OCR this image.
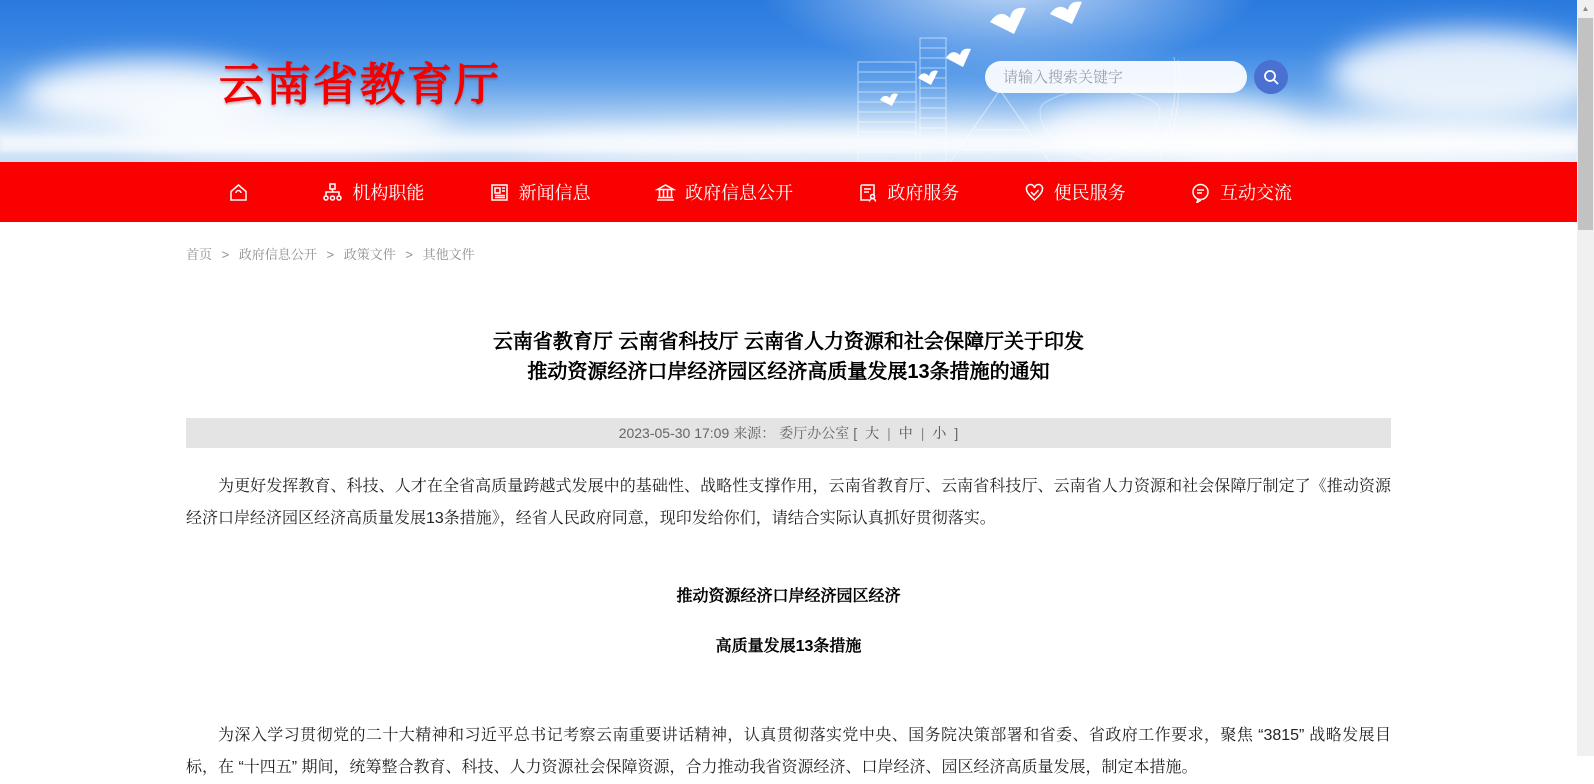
云南省教育厅
请输入搜索关键字
机构职能	新闻信息	政府信息公开	政府服务	便民服务	互动交流
首页 > 政府信息公开 > 政策文件 > 其他文件
云南省教育厅 云南省科技厅 云南省人力资源和社会保障厅关于印发
推动资源经济口岸经济园区经济高质量发展13条措施的通知
2023-05-30 17:09 来源： 委厅办公室 [ 大 | 中 | 小 ]

为更好发挥教育、科技、人才在全省高质量跨越式发展中的基础性、战略性支撑作用，云南省教育厅、云南省科技厅、云南省人力资源和社会保障厅制定了《推动资源经济口岸经济园区经济高质量发展13条措施》，经省人民政府同意，现印发给你们，请结合实际认真抓好贯彻落实。

推动资源经济口岸经济园区经济
高质量发展13条措施

为深入学习贯彻党的二十大精神和习近平总书记考察云南重要讲话精神，认真贯彻落实党中央、国务院决策部署和省委、省政府工作要求，聚焦 “3815” 战略发展目标，在 “十四五” 期间，统筹整合教育、科技、人力资源社会保障资源，合力推动我省资源经济、口岸经济、园区经济高质量发展，制定本措施。

▲
